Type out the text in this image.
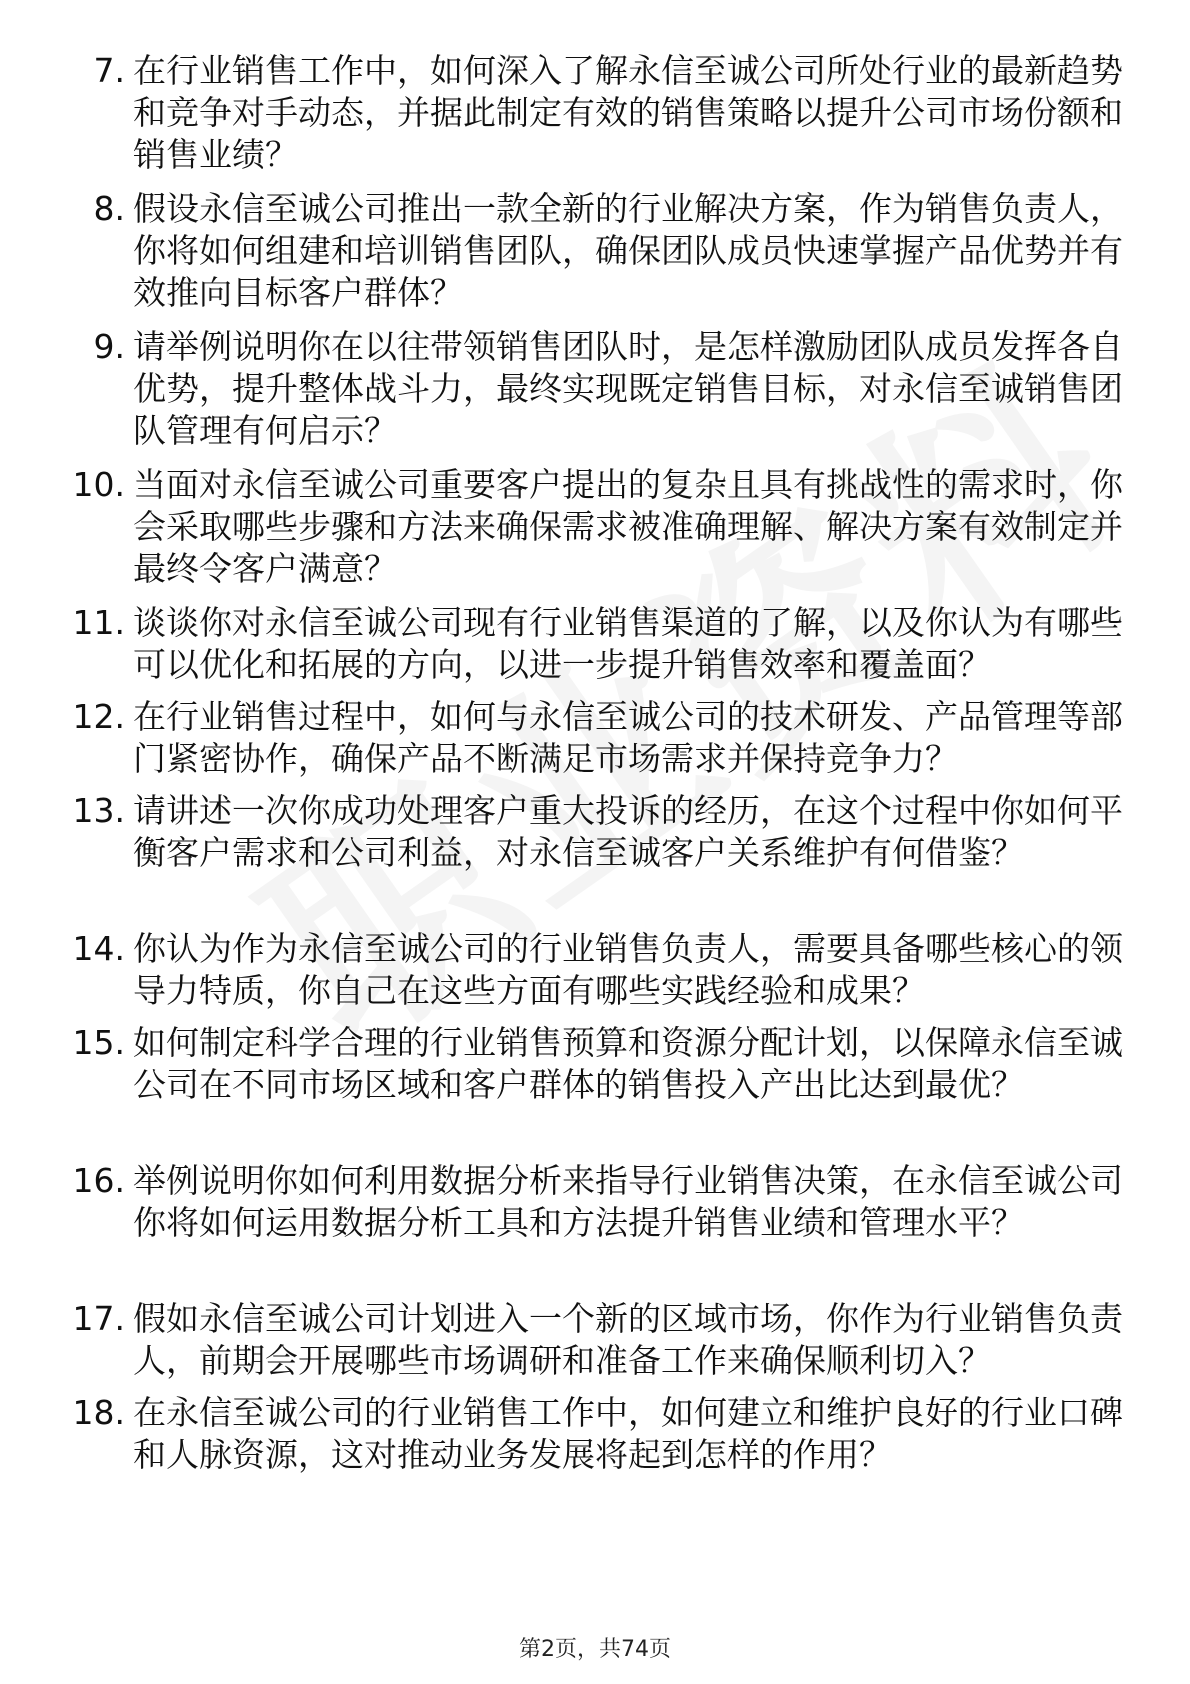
7. 在行业销售工作中，如何深入了解永信至诚公司所处行业的最新趋势和竞争对手动态，并据此制定有效的销售策略以提升公司市场份额和销售业绩？
8. 假设永信至诚公司推出一款全新的行业解决方案，作为销售负责人，你将如何组建和培训销售团队，确保团队成员快速掌握产品优势并有效推向目标客户群体？
9. 请举例说明你在以往带领销售团队时，是怎样激励团队成员发挥各自优势，提升整体战斗力，最终实现既定销售目标，对永信至诚销售团队管理有何启示？
10. 当面对永信至诚公司重要客户提出的复杂且具有挑战性的需求时，你会采取哪些步骤和方法来确保需求被准确理解、解决方案有效制定并最终令客户满意？
11. 谈谈你对永信至诚公司现有行业销售渠道的了解，以及你认为有哪些可以优化和拓展的方向，以进一步提升销售效率和覆盖面？
12. 在行业销售过程中，如何与永信至诚公司的技术研发、产品管理等部门紧密协作，确保产品不断满足市场需求并保持竞争力？
13. 请讲述一次你成功处理客户重大投诉的经历，在这个过程中你如何平衡客户需求和公司利益，对永信至诚客户关系维护有何借鉴？
14. 你认为作为永信至诚公司的行业销售负责人，需要具备哪些核心的领导力特质，你自己在这些方面有哪些实践经验和成果？
15. 如何制定科学合理的行业销售预算和资源分配计划，以保障永信至诚公司在不同市场区域和客户群体的销售投入产出比达到最优？
16. 举例说明你如何利用数据分析来指导行业销售决策，在永信至诚公司你将如何运用数据分析工具和方法提升销售业绩和管理水平？
17. 假如永信至诚公司计划进入一个新的区域市场，你作为行业销售负责人，前期会开展哪些市场调研和准备工作来确保顺利切入？
18. 在永信至诚公司的行业销售工作中，如何建立和维护良好的行业口碑和人脉资源，这对推动业务发展将起到怎样的作用？
第2页，共74页
